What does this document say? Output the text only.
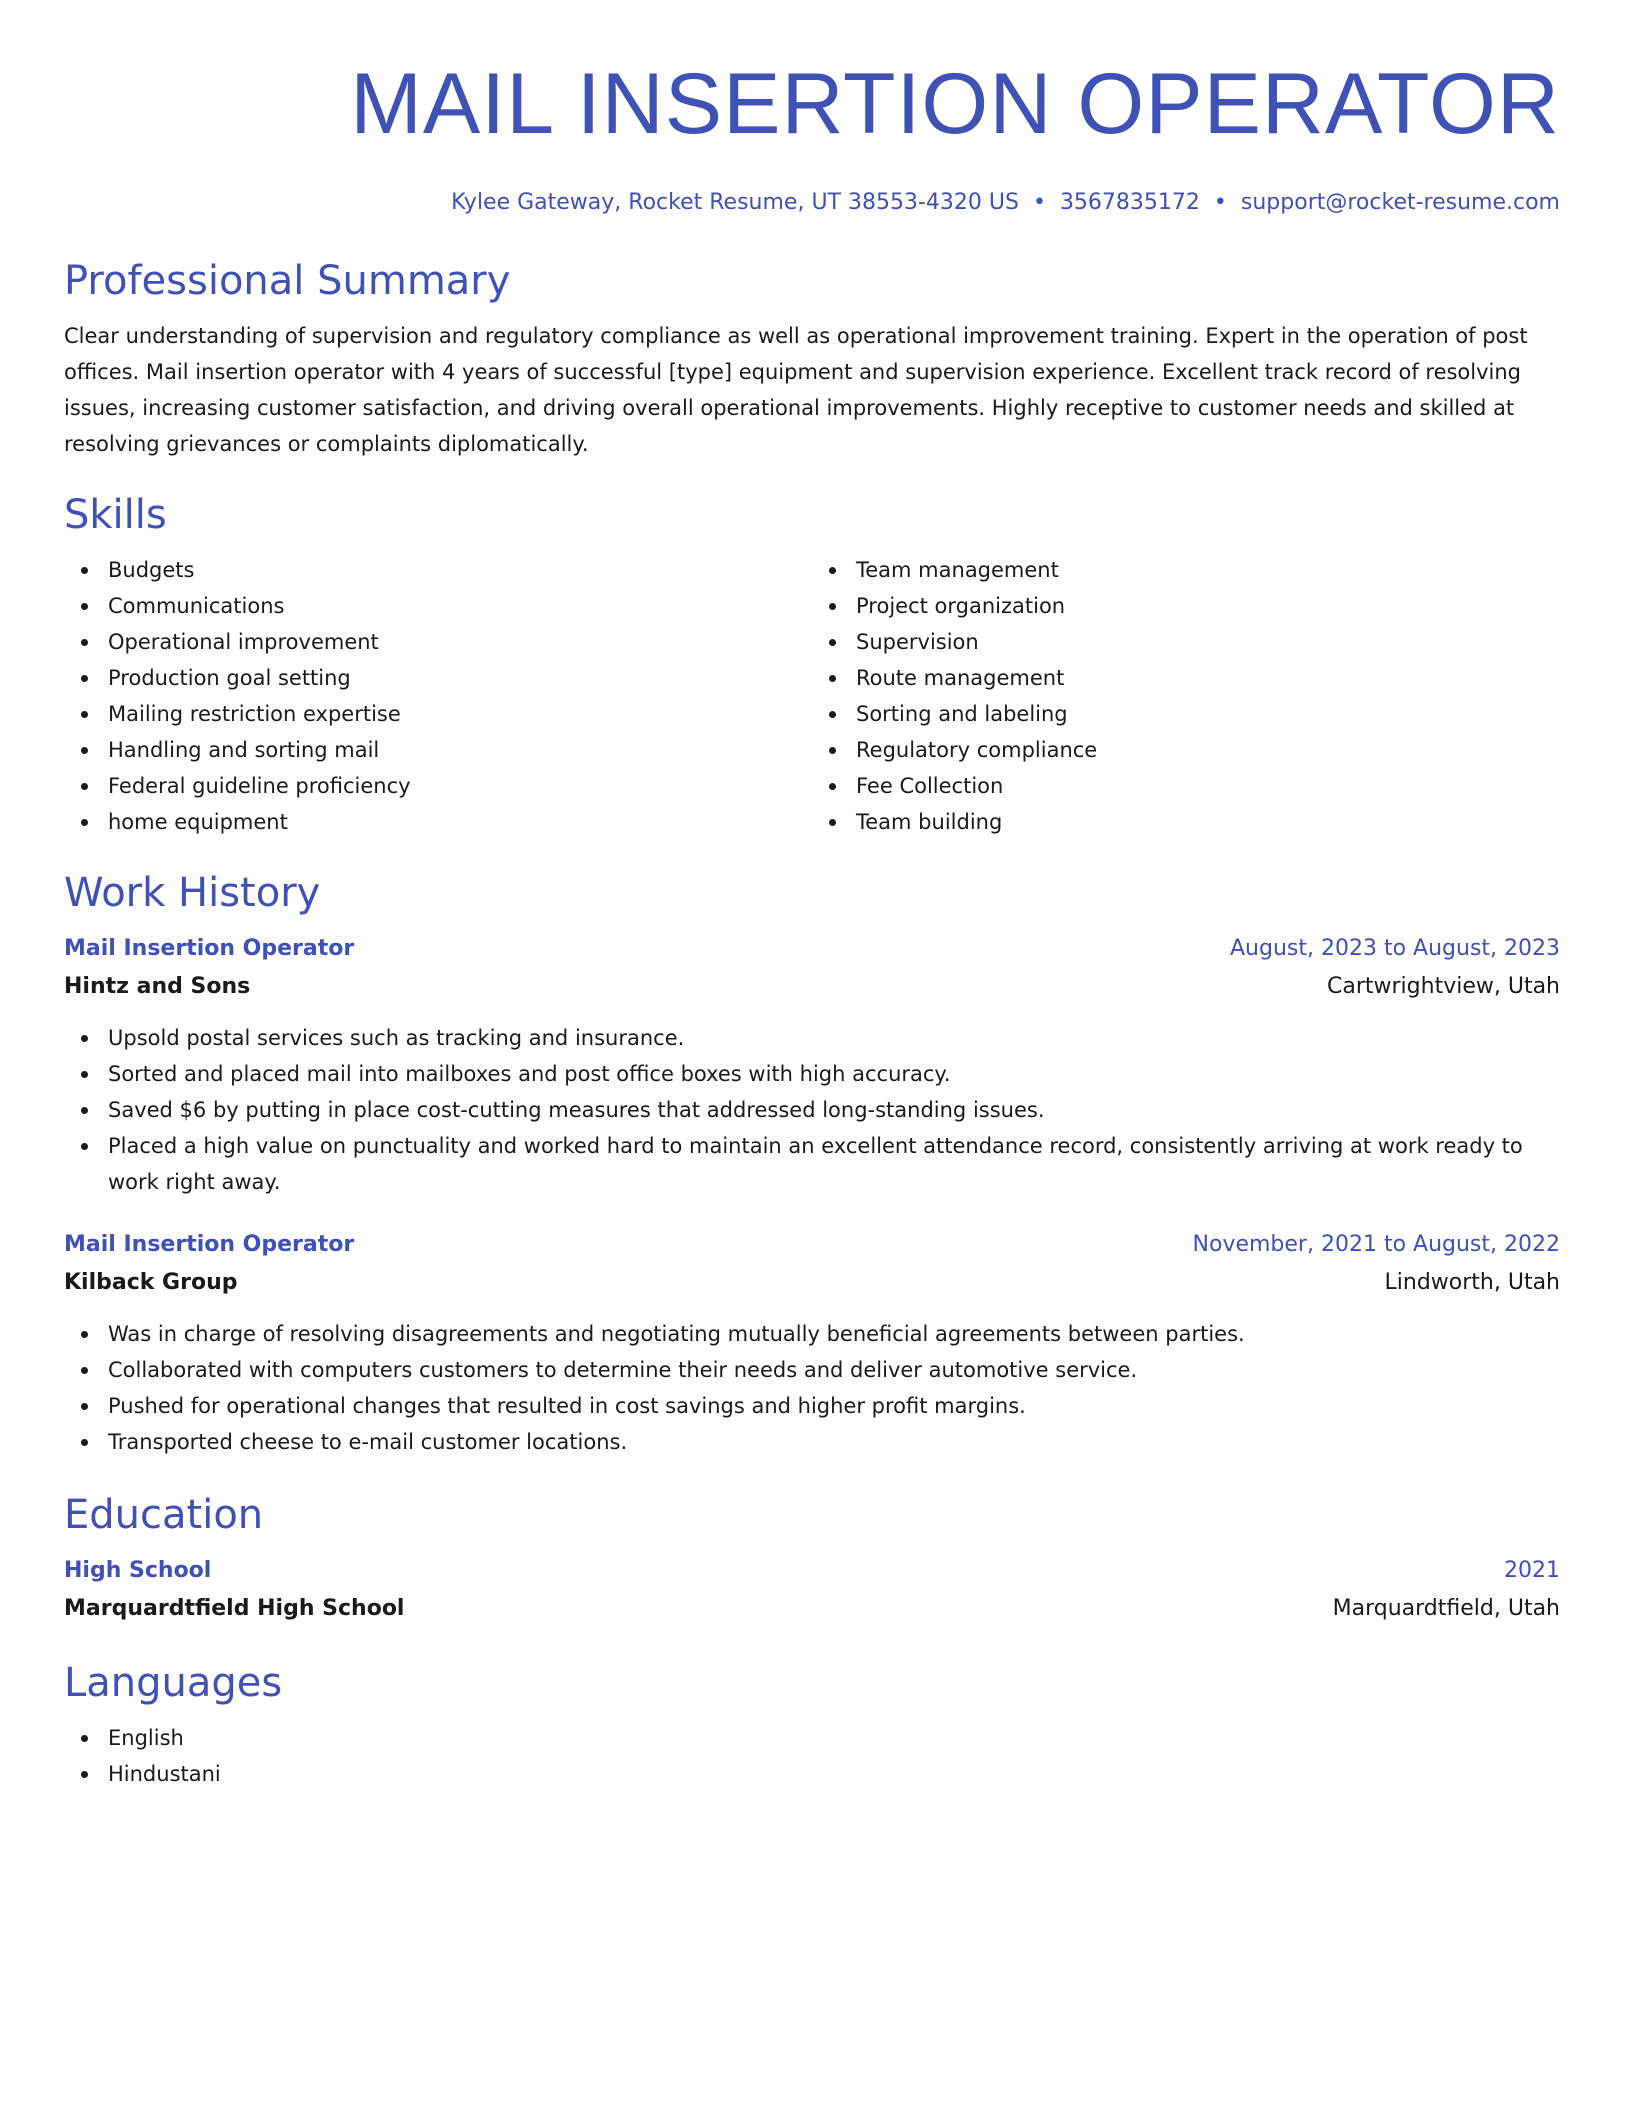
MAIL INSERTION OPERATOR
Kylee Gateway, Rocket Resume, UT 38553-4320 US • 3567835172 • support@rocket-resume.com
Professional Summary
Clear understanding of supervision and regulatory compliance as well as operational improvement training. Expert in the operation of post offices. Mail insertion operator with 4 years of successful [type] equipment and supervision experience. Excellent track record of resolving issues, increasing customer satisfaction, and driving overall operational improvements. Highly receptive to customer needs and skilled at resolving grievances or complaints diplomatically.
Skills
Budgets
Communications
Operational improvement
Production goal setting
Mailing restriction expertise
Handling and sorting mail
Federal guideline proficiency
home equipment
Team management
Project organization
Supervision
Route management
Sorting and labeling
Regulatory compliance
Fee Collection
Team building
Work History
Mail Insertion Operator	August, 2023 to August, 2023
Hintz and Sons	Cartwrightview, Utah
Upsold postal services such as tracking and insurance.
Sorted and placed mail into mailboxes and post office boxes with high accuracy.
Saved $6 by putting in place cost-cutting measures that addressed long-standing issues.
Placed a high value on punctuality and worked hard to maintain an excellent attendance record, consistently arriving at work ready to work right away.
Mail Insertion Operator	November, 2021 to August, 2022
Kilback Group	Lindworth, Utah
Was in charge of resolving disagreements and negotiating mutually beneficial agreements between parties.
Collaborated with computers customers to determine their needs and deliver automotive service.
Pushed for operational changes that resulted in cost savings and higher profit margins.
Transported cheese to e-mail customer locations.
Education
High School	2021
Marquardtfield High School	Marquardtfield, Utah
Languages
English
Hindustani
